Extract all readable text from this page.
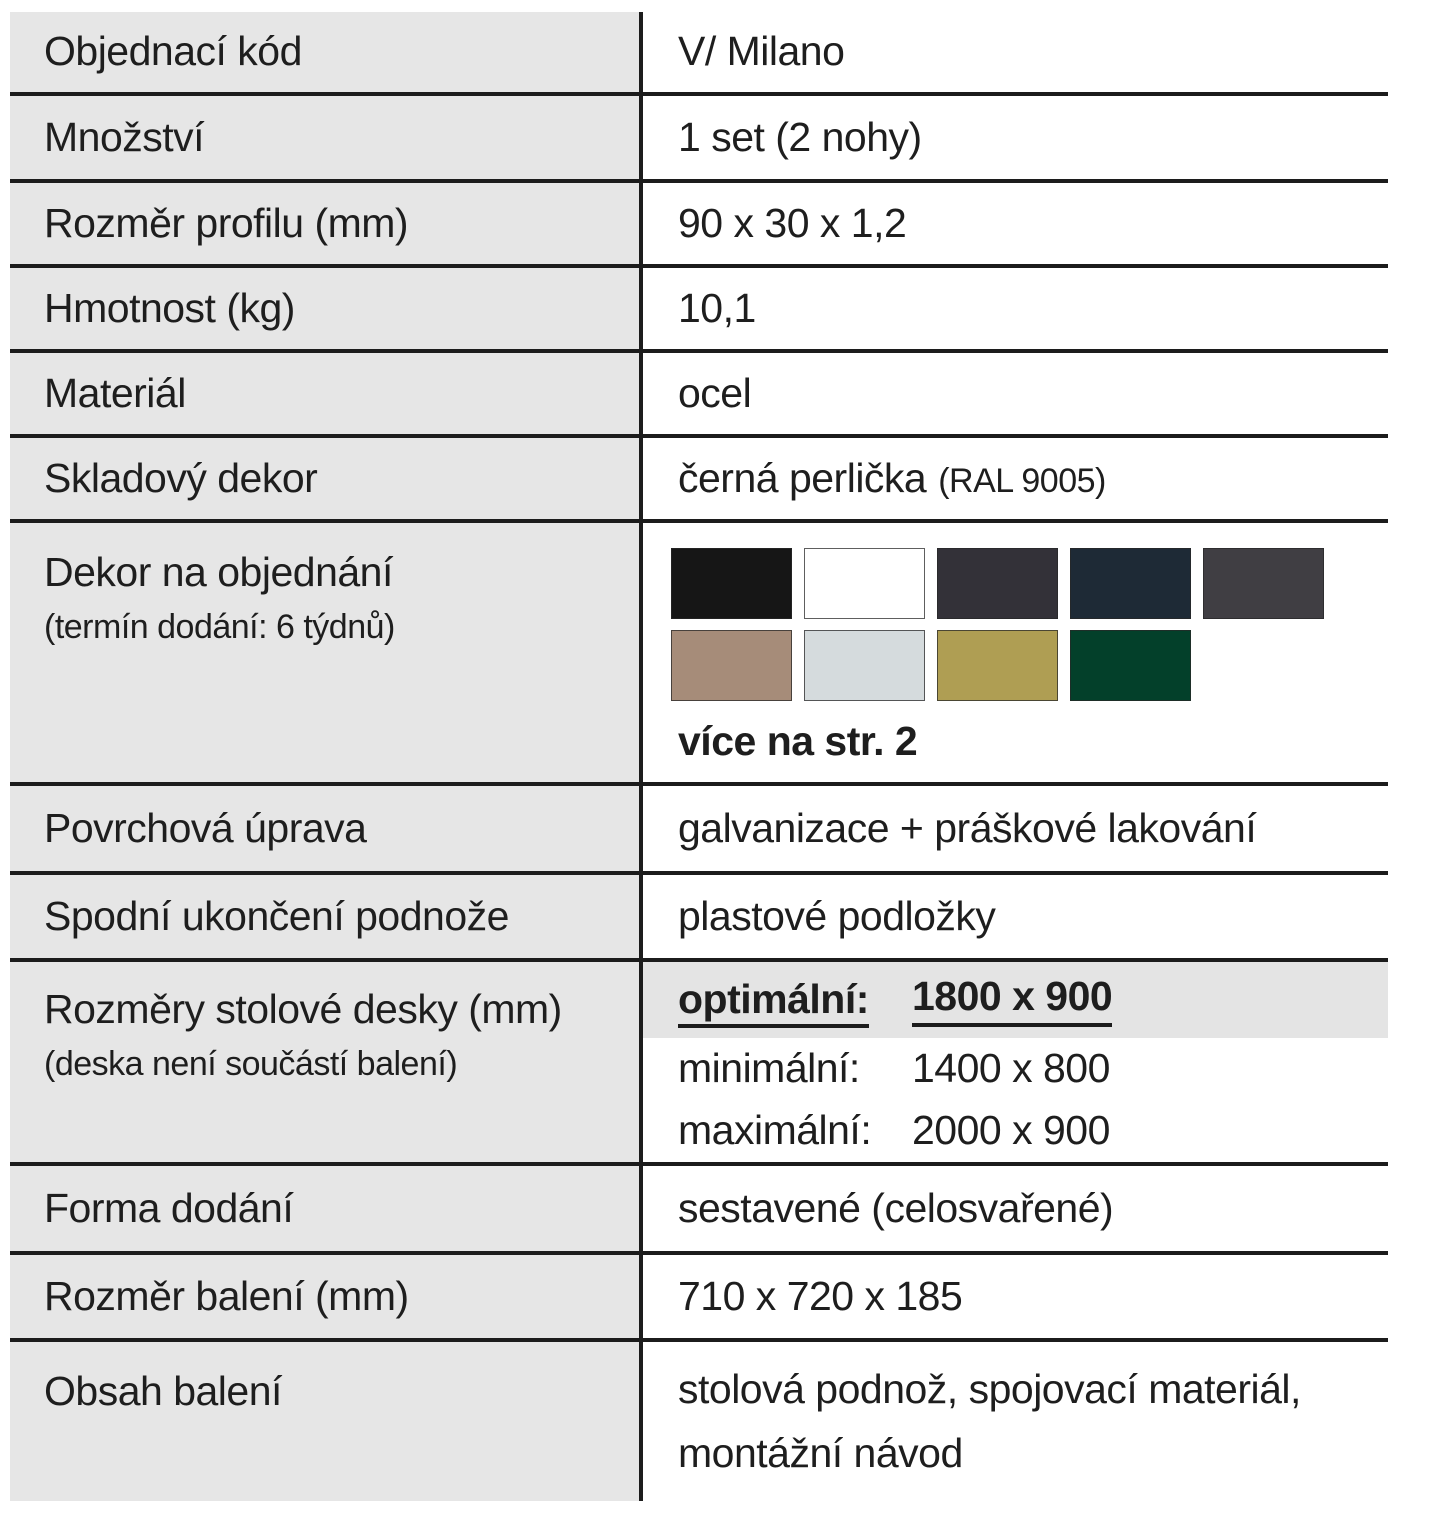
Objednací kód	V/ Milano
Množství	1 set (2 nohy)
Rozměr profilu (mm)	90 x 30 x 1,2
Hmotnost (kg)	10,1
Materiál	ocel
Skladový dekor	černá perlička (RAL 9005)
Dekor na objednání
(termín dodání: 6 týdnů)
více na str. 2
Povrchová úprava	galvanizace + práškové lakování
Spodní ukončení podnože	plastové podložky
Rozměry stolové desky (mm)
(deska není součástí balení)
optimální:	1800 x 900
minimální:	1400 x 800
maximální: 2000 x 900
Forma dodání	sestavené (celosvařené)
Rozměr balení (mm)	710 x 720 x 185
Obsah balení	stolová podnož, spojovací materiál, montážní návod
